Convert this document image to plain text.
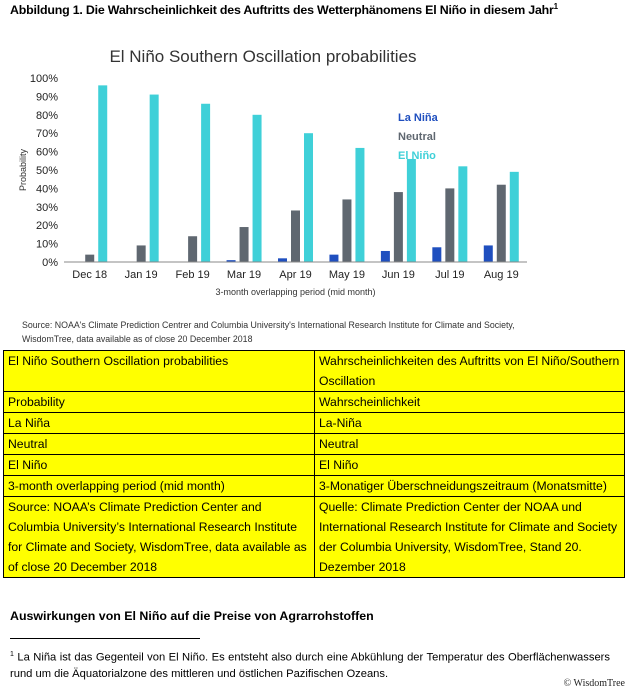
Abbildung 1. Die Wahrscheinlichkeit des Auftritts des Wetterphänomens El Niño in diesem Jahr$^1$
El Niño Southern Oscillation probabilities
0%
10%
20%
30%
40%
50%
60%
70%
80%
90%
100%
Probability
Dec 18 Jan 19 Feb 19 Mar 19 Apr 19 May 19 Jun 19 Jul 19 Aug 19
3-month overlapping period (mid month)
La Niña
Neutral
El Niño
Source: NOAA's Climate Prediction Centrer and Columbia University's International Research Institute for Climate and Society, WisdomTree, data available as of close 20 December 2018
El Niño Southern Oscillation probabilities	Wahrscheinlichkeiten des Auftritts von El Niño/Southern Oscillation
Probability	Wahrscheinlichkeit
La Niña	La-Niña
Neutral	Neutral
El Niño	El Niño
3-month overlapping period (mid month)	3-Monatiger Überschneidungszeitraum (Monatsmitte)
Source: NOAA’s Climate Prediction Center and Columbia University’s International Research Institute for Climate and Society, WisdomTree, data available as of close 20 December 2018	Quelle: Climate Prediction Center der NOAA und International Research Institute for Climate and Society der Columbia University, WisdomTree, Stand 20. Dezember 2018
Auswirkungen von El Niño auf die Preise von Agrarrohstoffen
$^1$ La Niña ist das Gegenteil von El Niño. Es entsteht also durch eine Abkühlung der Temperatur des Oberflächenwassers rund um die Äquatorialzone des mittleren und östlichen Pazifischen Ozeans.
© WisdomTree
